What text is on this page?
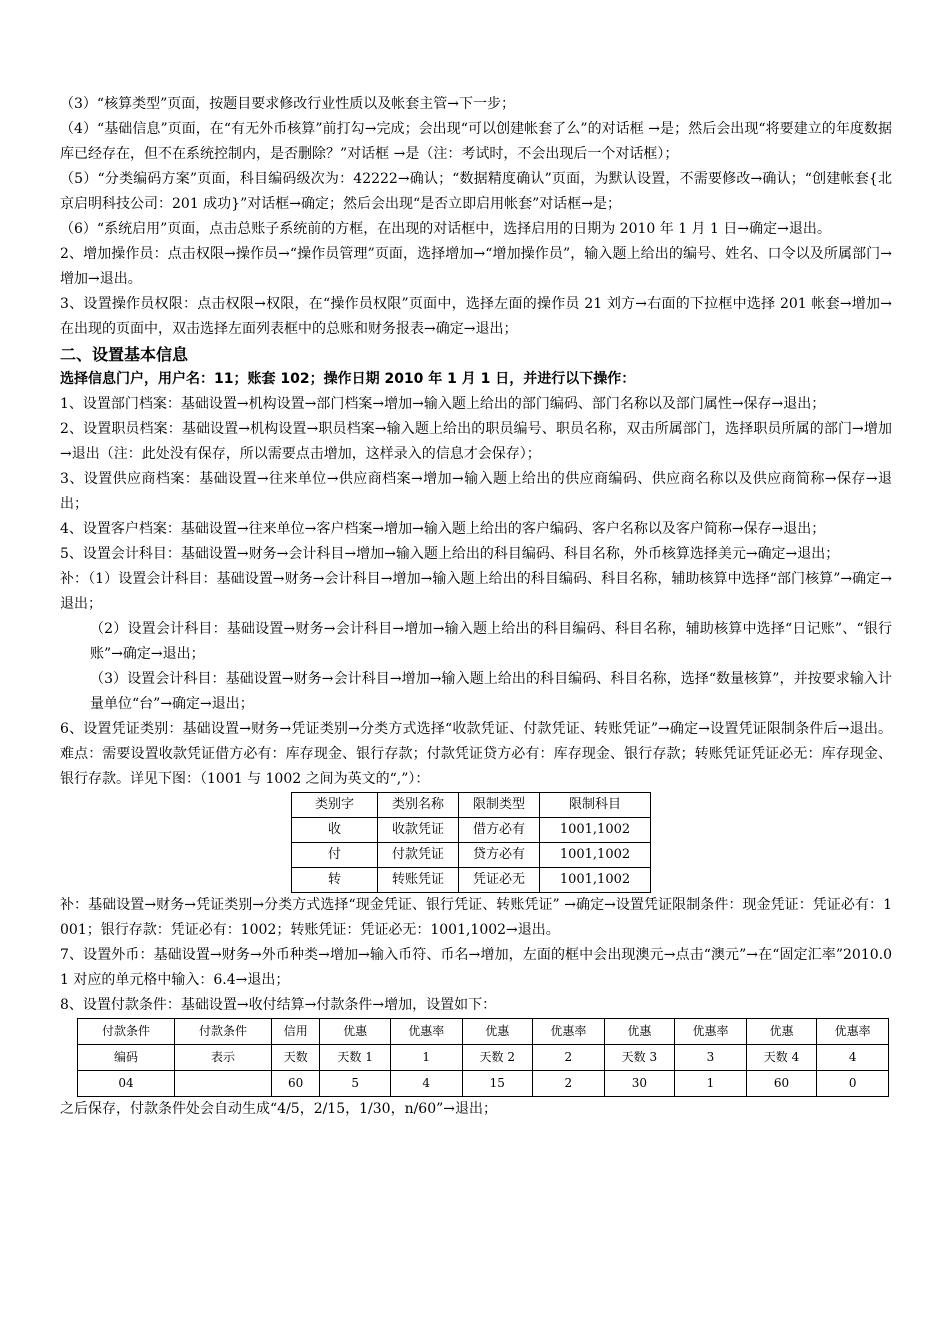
（3）“核算类型”页面，按题目要求修改行业性质以及帐套主管→下一步；

（4）“基础信息”页面，在“有无外币核算”前打勾→完成；会出现“可以创建帐套了么”的对话框 →是；然后会出现“将要建立的年度数据库已经存在，但不在系统控制内，是否删除？”对话框 →是（注：考试时，不会出现后一个对话框）；

（5）“分类编码方案”页面，科目编码级次为：42222→确认；“数据精度确认”页面，为默认设置，不需要修改→确认；“创建帐套{北京启明科技公司：201 成功}”对话框→确定；然后会出现“是否立即启用帐套”对话框→是；

（6）“系统启用”页面，点击总账子系统前的方框，在出现的对话框中，选择启用的日期为 2010 年 1 月 1 日→确定→退出。

2、增加操作员：点击权限→操作员→“操作员管理”页面，选择增加→“增加操作员”，输入题上给出的编号、姓名、口令以及所属部门→增加→退出。

3、设置操作员权限：点击权限→权限，在“操作员权限”页面中，选择左面的操作员 21 刘方→右面的下拉框中选择 201 帐套→增加→在出现的页面中，双击选择左面列表框中的总账和财务报表→确定→退出；

二、设置基本信息

选择信息门户，用户名：11；账套 102；操作日期 2010 年 1 月 1 日，并进行以下操作：

1、设置部门档案：基础设置→机构设置→部门档案→增加→输入题上给出的部门编码、部门名称以及部门属性→保存→退出；

2、设置职员档案：基础设置→机构设置→职员档案→输入题上给出的职员编号、职员名称，双击所属部门，选择职员所属的部门→增加→退出（注：此处没有保存，所以需要点击增加，这样录入的信息才会保存）；

3、设置供应商档案：基础设置→往来单位→供应商档案→增加→输入题上给出的供应商编码、供应商名称以及供应商简称→保存→退出；

4、设置客户档案：基础设置→往来单位→客户档案→增加→输入题上给出的客户编码、客户名称以及客户简称→保存→退出；

5、设置会计科目：基础设置→财务→会计科目→增加→输入题上给出的科目编码、科目名称，外币核算选择美元→确定→退出；

补：（1）设置会计科目：基础设置→财务→会计科目→增加→输入题上给出的科目编码、科目名称，辅助核算中选择“部门核算”→确定→退出；

（2）设置会计科目：基础设置→财务→会计科目→增加→输入题上给出的科目编码、科目名称，辅助核算中选择“日记账”、“银行账”→确定→退出；

（3）设置会计科目：基础设置→财务→会计科目→增加→输入题上给出的科目编码、科目名称，选择“数量核算”，并按要求输入计量单位“台”→确定→退出；

6、设置凭证类别：基础设置→财务→凭证类别→分类方式选择“收款凭证、付款凭证、转账凭证”→确定→设置凭证限制条件后→退出。难点：需要设置收款凭证借方必有：库存现金、银行存款；付款凭证贷方必有：库存现金、银行存款；转账凭证凭证必无：库存现金、银行存款。详见下图：（1001 与 1002 之间为英文的“,”）：

类别字	类别名称	限制类型	限制科目
收	收款凭证	借方必有	1001,1002
付	付款凭证	贷方必有	1001,1002
转	转账凭证	凭证必无	1001,1002

补：基础设置→财务→凭证类别→分类方式选择“现金凭证、银行凭证、转账凭证” →确定→设置凭证限制条件：现金凭证：凭证必有：1001；银行存款：凭证必有：1002；转账凭证：凭证必无：1001,1002→退出。

7、设置外币：基础设置→财务→外币种类→增加→输入币符、币名→增加，左面的框中会出现澳元→点击“澳元”→在“固定汇率”2010.01 对应的单元格中输入：6.4→退出；

8、设置付款条件：基础设置→收付结算→付款条件→增加，设置如下：

付款条件	付款条件	信用	优惠	优惠率	优惠	优惠率	优惠	优惠率	优惠	优惠率
编码	表示	天数	天数 1	1	天数 2	2	天数 3	3	天数 4	4
04		60	5	4	15	2	30	1	60	0

之后保存，付款条件处会自动生成“4/5，2/15，1/30，n/60”→退出；
